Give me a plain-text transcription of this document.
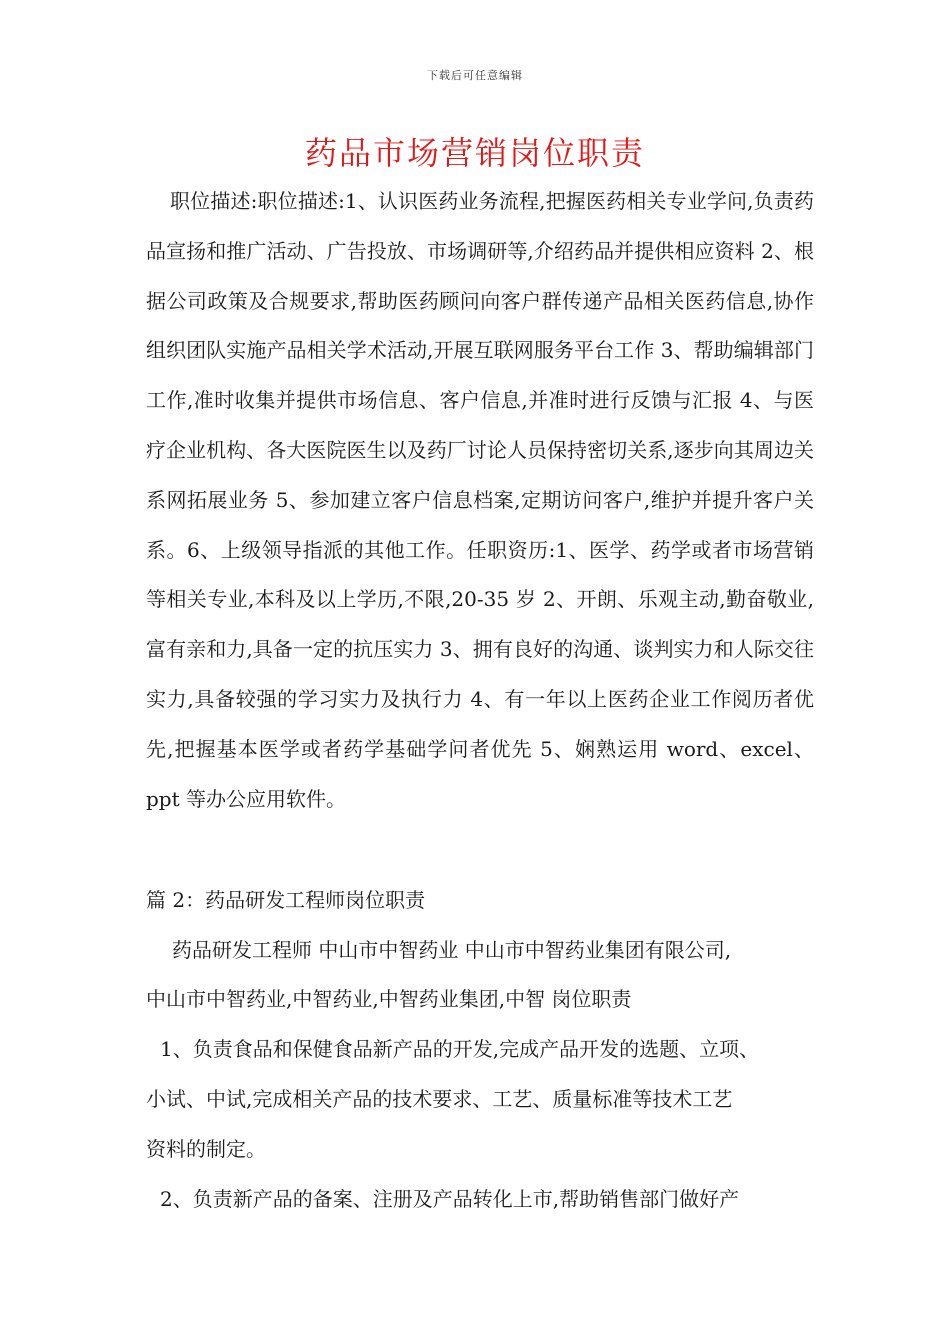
下载后可任意编辑
药品市场营销岗位职责

职位描述:职位描述:1、认识医药业务流程,把握医药相关专业学问,负责药品宣扬和推广活动、广告投放、市场调研等,介绍药品并提供相应资料 2、根据公司政策及合规要求,帮助医药顾问向客户群传递产品相关医药信息,协作组织团队实施产品相关学术活动,开展互联网服务平台工作 3、帮助编辑部门工作,准时收集并提供市场信息、客户信息,并准时进行反馈与汇报 4、与医疗企业机构、各大医院医生以及药厂讨论人员保持密切关系,逐步向其周边关系网拓展业务 5、参加建立客户信息档案,定期访问客户,维护并提升客户关系。6、上级领导指派的其他工作。任职资历:1、医学、药学或者市场营销等相关专业,本科及以上学历,不限,20-35 岁 2、开朗、乐观主动,勤奋敬业,富有亲和力,具备一定的抗压实力 3、拥有良好的沟通、谈判实力和人际交往实力,具备较强的学习实力及执行力 4、有一年以上医药企业工作阅历者优先,把握基本医学或者药学基础学问者优先 5、娴熟运用 word、excel、ppt 等办公应用软件。

篇 2：药品研发工程师岗位职责

药品研发工程师 中山市中智药业 中山市中智药业集团有限公司,

中山市中智药业,中智药业,中智药业集团,中智 岗位职责

1、负责食品和保健食品新产品的开发,完成产品开发的选题、立项、

小试、中试,完成相关产品的技术要求、工艺、质量标准等技术工艺

资料的制定。

2、负责新产品的备案、注册及产品转化上市,帮助销售部门做好产
